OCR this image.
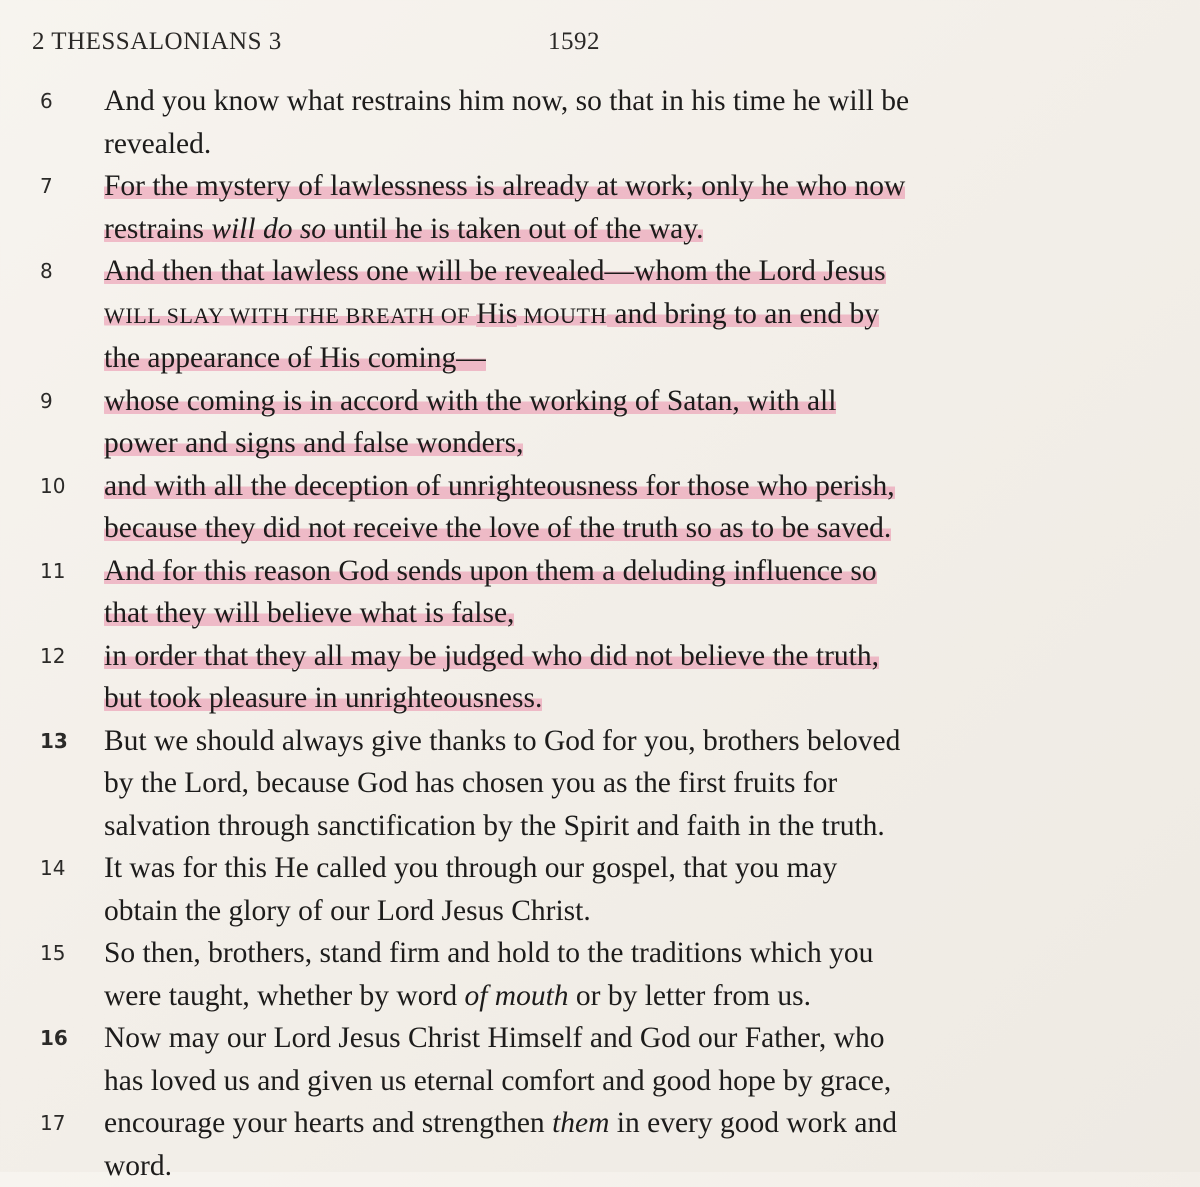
2 THESSALONIANS 3	1592
6	And you know what restrains him now, so that in his time he will be
revealed.
7	For the mystery of lawlessness is already at work; only he who now
restrains will do so until he is taken out of the way.
8	And then that lawless one will be revealed—whom the Lord Jesus
WILL SLAY WITH THE BREATH OF His MOUTH and bring to an end by
the appearance of His coming—
9	whose coming is in accord with the working of Satan, with all
power and signs and false wonders,
10	and with all the deception of unrighteousness for those who perish,
because they did not receive the love of the truth so as to be saved.
11	And for this reason God sends upon them a deluding influence so
that they will believe what is false,
12	in order that they all may be judged who did not believe the truth,
but took pleasure in unrighteousness.
13	But we should always give thanks to God for you, brothers beloved
by the Lord, because God has chosen you as the first fruits for
salvation through sanctification by the Spirit and faith in the truth.
14	It was for this He called you through our gospel, that you may
obtain the glory of our Lord Jesus Christ.
15	So then, brothers, stand firm and hold to the traditions which you
were taught, whether by word of mouth or by letter from us.
16	Now may our Lord Jesus Christ Himself and God our Father, who
has loved us and given us eternal comfort and good hope by grace,
17	encourage your hearts and strengthen them in every good work and
word.
